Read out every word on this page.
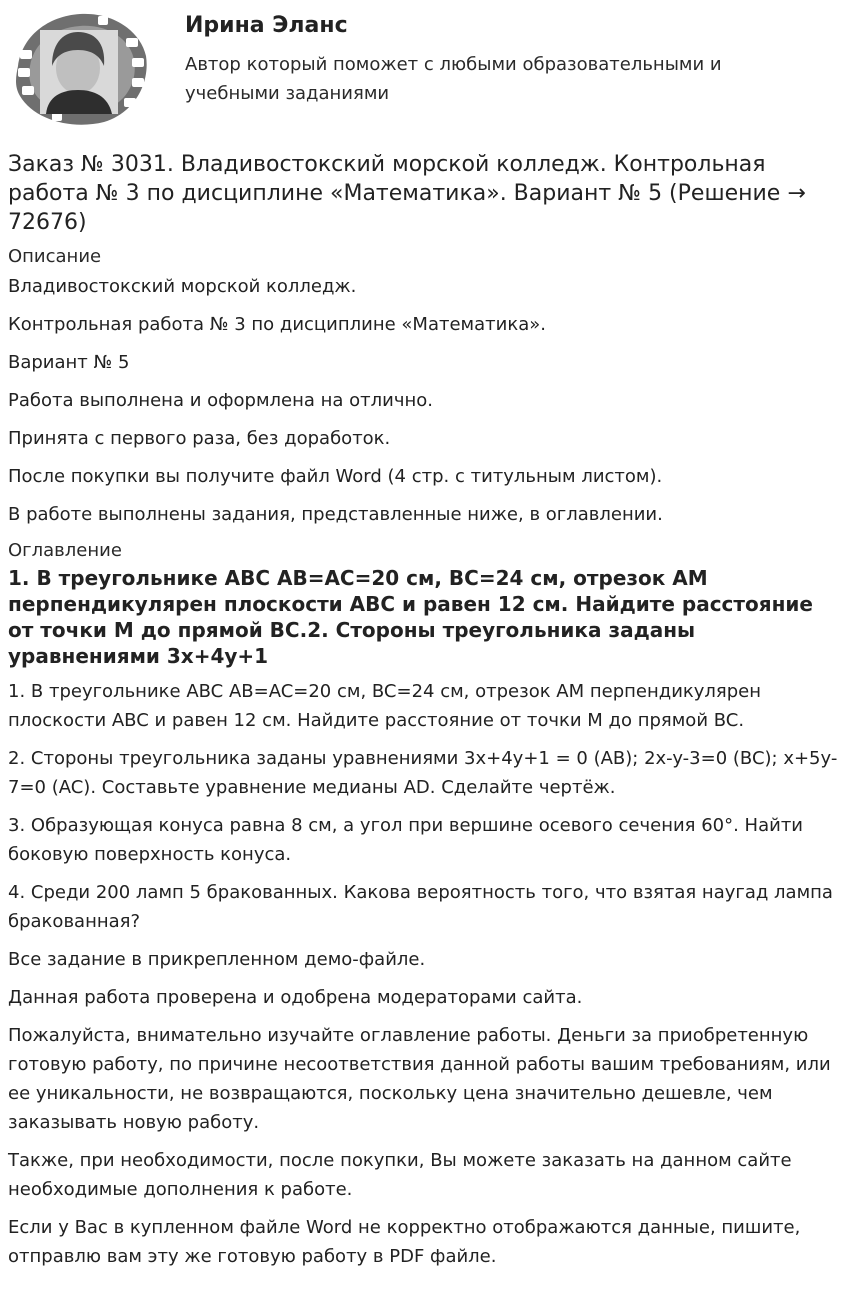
Ирина Эланс
Автор который поможет с любыми образовательными и учебными заданиями
Заказ № 3031. Владивостокский морской колледж. Контрольная работа № 3 по дисциплине «Математика». Вариант № 5 (Решение → 72676)
Описание

Владивостокский морской колледж.

Контрольная работа № 3 по дисциплине «Математика».

Вариант № 5

Работа выполнена и оформлена на отлично.

Принята с первого раза, без доработок.

После покупки вы получите файл Word (4 стр. с титульным листом).

В работе выполнены задания, представленные ниже, в оглавлении.

Оглавление
1. В треугольнике ABC AB=AC=20 см, BC=24 см, отрезок AM перпендикулярен плоскости ABC и равен 12 см. Найдите расстояние от точки M до прямой BC.2. Стороны треугольника заданы уравнениями 3x+4y+1

1. В треугольнике ABC AB=AC=20 см, BC=24 см, отрезок AM перпендикулярен плоскости ABC и равен 12 см. Найдите расстояние от точки M до прямой BC.

2. Стороны треугольника заданы уравнениями 3x+4y+1 = 0 (AB); 2x-y-3=0 (BC); x+5y-7=0 (AC). Составьте уравнение медианы AD. Сделайте чертёж.

3. Образующая конуса равна 8 см, а угол при вершине осевого сечения 60°. Найти боковую поверхность конуса.

4. Среди 200 ламп 5 бракованных. Какова вероятность того, что взятая наугад лампа бракованная?

Все задание в прикрепленном демо-файле.

Данная работа проверена и одобрена модераторами сайта.

Пожалуйста, внимательно изучайте оглавление работы. Деньги за приобретенную готовую работу, по причине несоответствия данной работы вашим требованиям, или ее уникальности, не возвращаются, поскольку цена значительно дешевле, чем заказывать новую работу.

Также, при необходимости, после покупки, Вы можете заказать на данном сайте необходимые дополнения к работе.

Если у Вас в купленном файле Word не корректно отображаются данные, пишите, отправлю вам эту же готовую работу в PDF файле.
